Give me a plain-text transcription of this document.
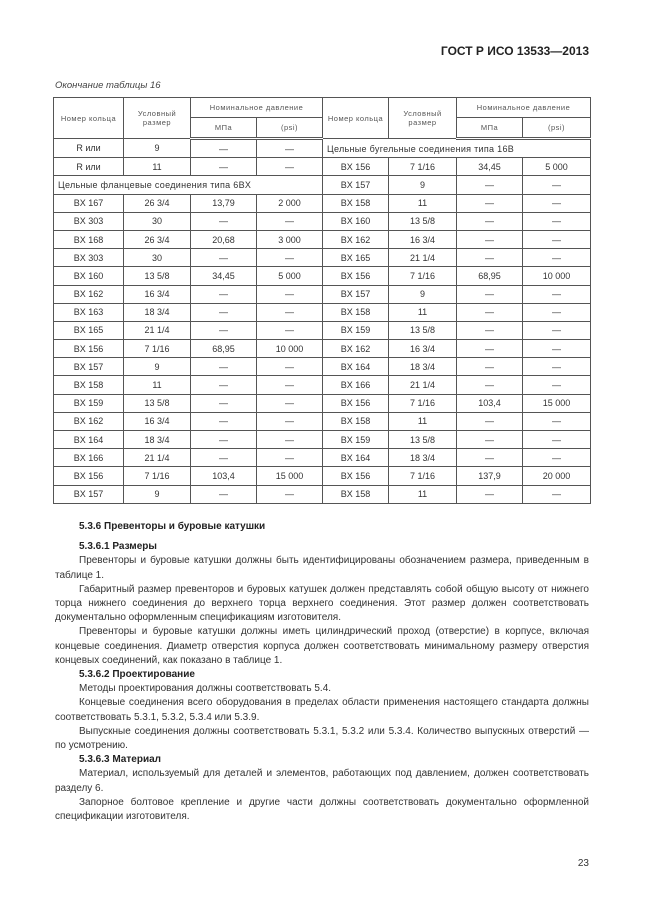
ГОСТ Р ИСО 13533—2013
Окончание таблицы 16
Номер кольца	Условный размер	Номинальное давление		Номер кольца	Условный размер	Номинальное давление	
		МПа	(psi)			МПа	(psi)
R или	9	—	—	Цельные бугельные соединения типа 16B			
R или	11	—	—	BX 156	7 1/16	34,45	5 000
Цельные фланцевые соединения типа 6BX				BX 157	9	—	—
BX 167	26 3/4	13,79	2 000	BX 158	11	—	—
BX 303	30	—	—	BX 160	13 5/8	—	—
BX 168	26 3/4	20,68	3 000	BX 162	16 3/4	—	—
BX 303	30	—	—	BX 165	21 1/4	—	—
BX 160	13 5/8	34,45	5 000	BX 156	7 1/16	68,95	10 000
BX 162	16 3/4	—	—	BX 157	9	—	—
BX 163	18 3/4	—	—	BX 158	11	—	—
BX 165	21 1/4	—	—	BX 159	13 5/8	—	—
BX 156	7 1/16	68,95	10 000	BX 162	16 3/4	—	—
BX 157	9	—	—	BX 164	18 3/4	—	—
BX 158	11	—	—	BX 166	21 1/4	—	—
BX 159	13 5/8	—	—	BX 156	7 1/16	103,4	15 000
BX 162	16 3/4	—	—	BX 158	11	—	—
BX 164	18 3/4	—	—	BX 159	13 5/8	—	—
BX 166	21 1/4	—	—	BX 164	18 3/4	—	—
BX 156	7 1/16	103,4	15 000	BX 156	7 1/16	137,9	20 000
BX 157	9	—	—	BX 158	11	—	—
5.3.6 Превенторы и буровые катушки
5.3.6.1 Размеры

Превенторы и буровые катушки должны быть идентифицированы обозначением размера, приведенным в таблице 1.

Габаритный размер превенторов и буровых катушек должен представлять собой общую высоту от нижнего торца нижнего соединения до верхнего торца верхнего соединения. Этот размер должен соответствовать документально оформленным спецификациям изготовителя.

Превенторы и буровые катушки должны иметь цилиндрический проход (отверстие) в корпусе, включая концевые соединения. Диаметр отверстия корпуса должен соответствовать минимальному размеру отверстия концевых соединений, как показано в таблице 1.

5.3.6.2 Проектирование

Методы проектирования должны соответствовать 5.4.

Концевые соединения всего оборудования в пределах области применения настоящего стандарта должны соответствовать 5.3.1, 5.3.2, 5.3.4 или 5.3.9.

Выпускные соединения должны соответствовать 5.3.1, 5.3.2 или 5.3.4. Количество выпускных отверстий — по усмотрению.

5.3.6.3 Материал

Материал, используемый для деталей и элементов, работающих под давлением, должен соответствовать разделу 6.

Запорное болтовое крепление и другие части должны соответствовать документально оформленной спецификации изготовителя.

23
